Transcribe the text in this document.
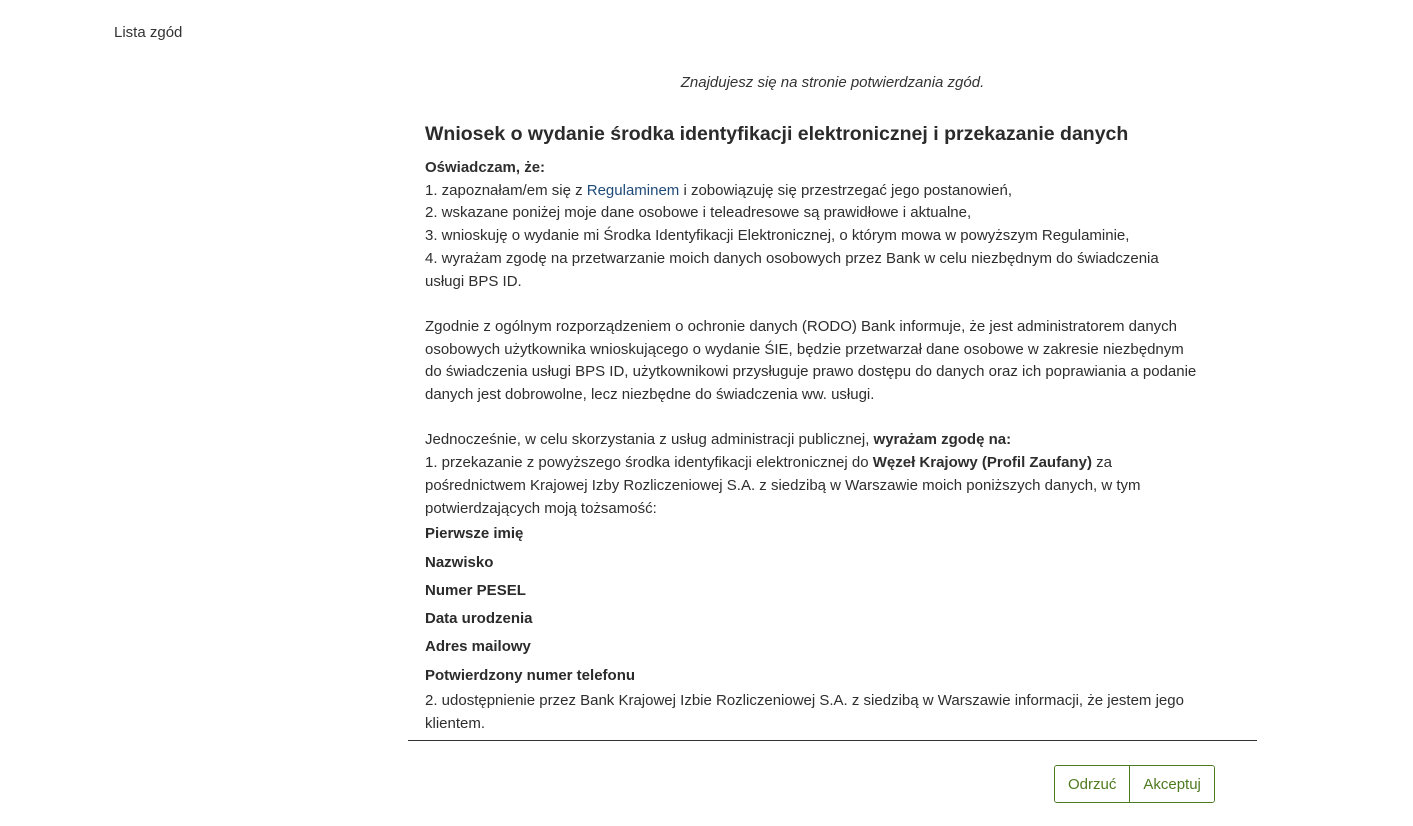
Lista zgód
Znajdujesz się na stronie potwierdzania zgód.
Wniosek o wydanie środka identyfikacji elektronicznej i przekazanie danych
Oświadczam, że:
1. zapoznałam/em się z Regulaminem i zobowiązuję się przestrzegać jego postanowień,
2. wskazane poniżej moje dane osobowe i teleadresowe są prawidłowe i aktualne,
3. wnioskuję o wydanie mi Środka Identyfikacji Elektronicznej, o którym mowa w powyższym Regulaminie,
4. wyrażam zgodę na przetwarzanie moich danych osobowych przez Bank w celu niezbędnym do świadczenia
usługi BPS ID.
Zgodnie z ogólnym rozporządzeniem o ochronie danych (RODO) Bank informuje, że jest administratorem danych
osobowych użytkownika wnioskującego o wydanie ŚIE, będzie przetwarzał dane osobowe w zakresie niezbędnym
do świadczenia usługi BPS ID, użytkownikowi przysługuje prawo dostępu do danych oraz ich poprawiania a podanie
danych jest dobrowolne, lecz niezbędne do świadczenia ww. usługi.
Jednocześnie, w celu skorzystania z usług administracji publicznej, wyrażam zgodę na:
1. przekazanie z powyższego środka identyfikacji elektronicznej do Węzeł Krajowy (Profil Zaufany) za
pośrednictwem Krajowej Izby Rozliczeniowej S.A. z siedzibą w Warszawie moich poniższych danych, w tym
potwierdzających moją tożsamość:
Pierwsze imię
Nazwisko
Numer PESEL
Data urodzenia
Adres mailowy
Potwierdzony numer telefonu
2. udostępnienie przez Bank Krajowej Izbie Rozliczeniowej S.A. z siedzibą w Warszawie informacji, że jestem jego
klientem.
Odrzuć	Akceptuj
